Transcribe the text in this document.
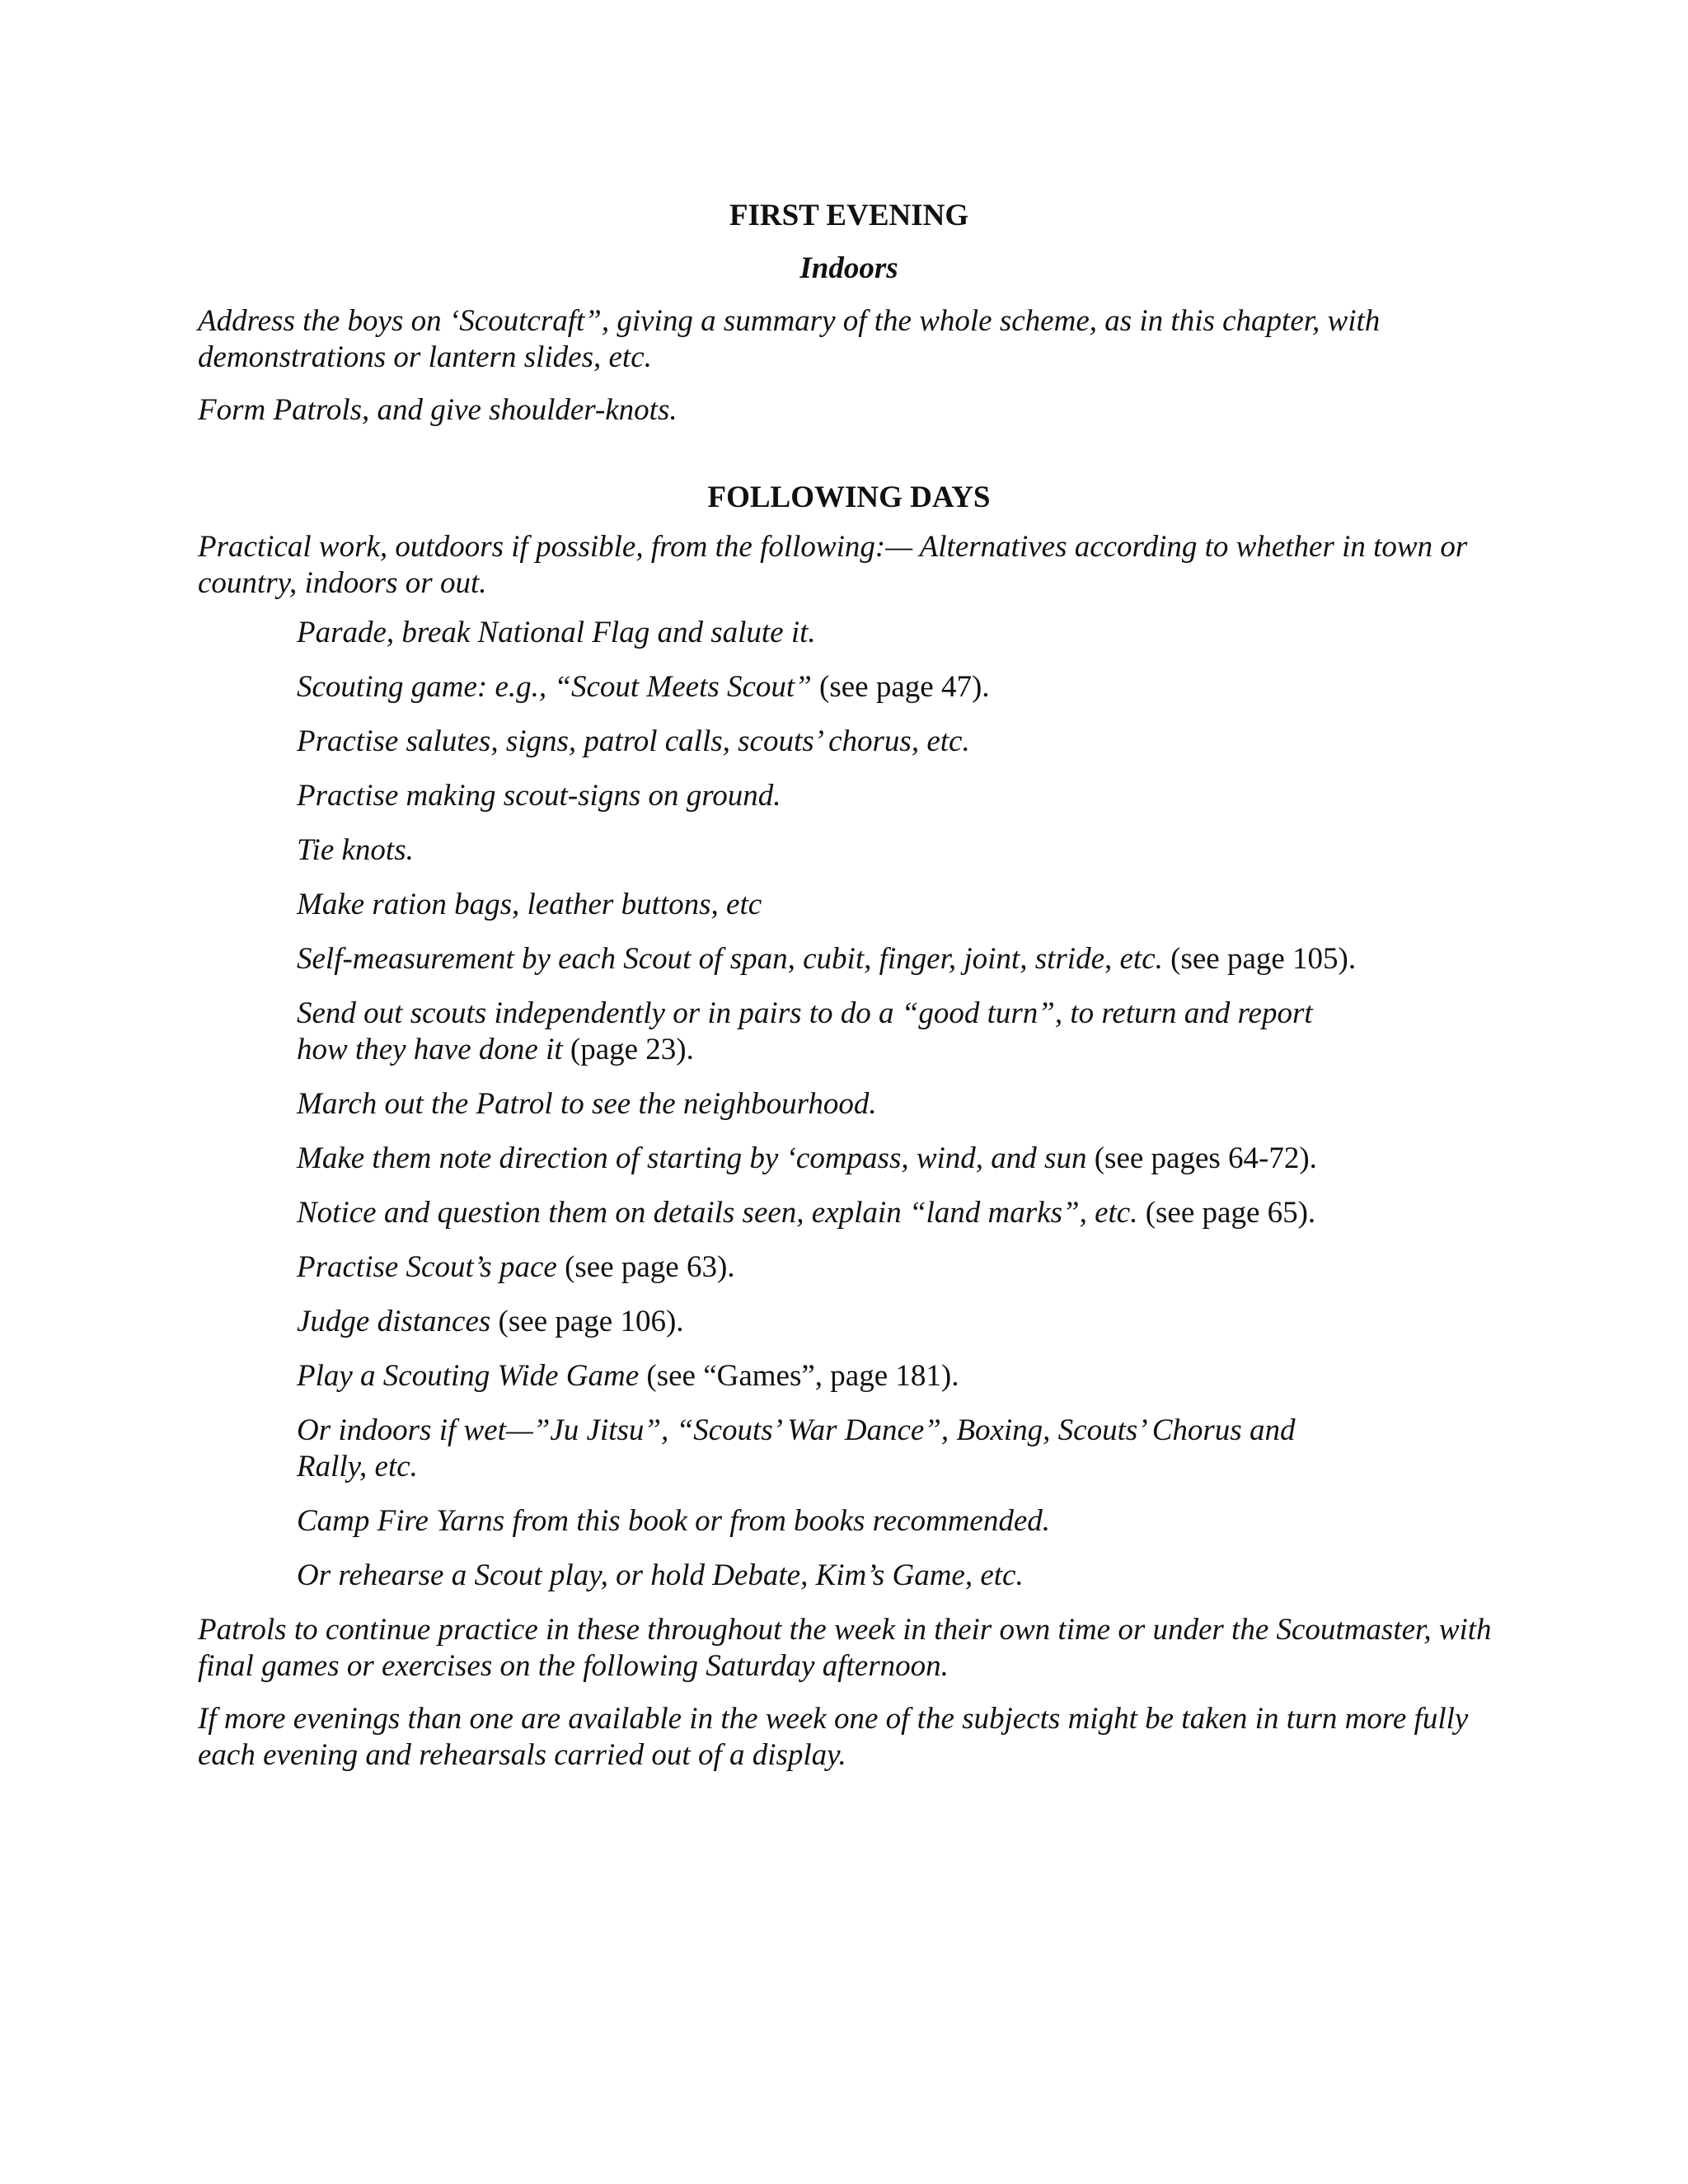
FIRST EVENING
Indoors

Address the boys on ‘Scoutcraft”, giving a summary of the whole scheme, as in this chapter, with demonstrations or lantern slides, etc.

Form Patrols, and give shoulder-knots.

FOLLOWING DAYS

Practical work, outdoors if possible, from the following:— Alternatives according to whether in town or country, indoors or out.

Parade, break National Flag and salute it.
Scouting game: e.g., “Scout Meets Scout” (see page 47).
Practise salutes, signs, patrol calls, scouts’ chorus, etc.
Practise making scout-signs on ground.
Tie knots.
Make ration bags, leather buttons, etc
Self-measurement by each Scout of span, cubit, finger, joint, stride, etc. (see page 105).
Send out scouts independently or in pairs to do a “good turn”, to return and report how they have done it (page 23).
March out the Patrol to see the neighbourhood.
Make them note direction of starting by ‘compass, wind, and sun (see pages 64-72).
Notice and question them on details seen, explain “land marks”, etc. (see page 65).
Practise Scout’s pace (see page 63).
Judge distances (see page 106).
Play a Scouting Wide Game (see “Games”, page 181).
Or indoors if wet—”Ju Jitsu”, “Scouts’ War Dance”, Boxing, Scouts’ Chorus and Rally, etc.
Camp Fire Yarns from this book or from books recommended.
Or rehearse a Scout play, or hold Debate, Kim’s Game, etc.

Patrols to continue practice in these throughout the week in their own time or under the Scoutmaster, with final games or exercises on the following Saturday afternoon.

If more evenings than one are available in the week one of the subjects might be taken in turn more fully each evening and rehearsals carried out of a display.
